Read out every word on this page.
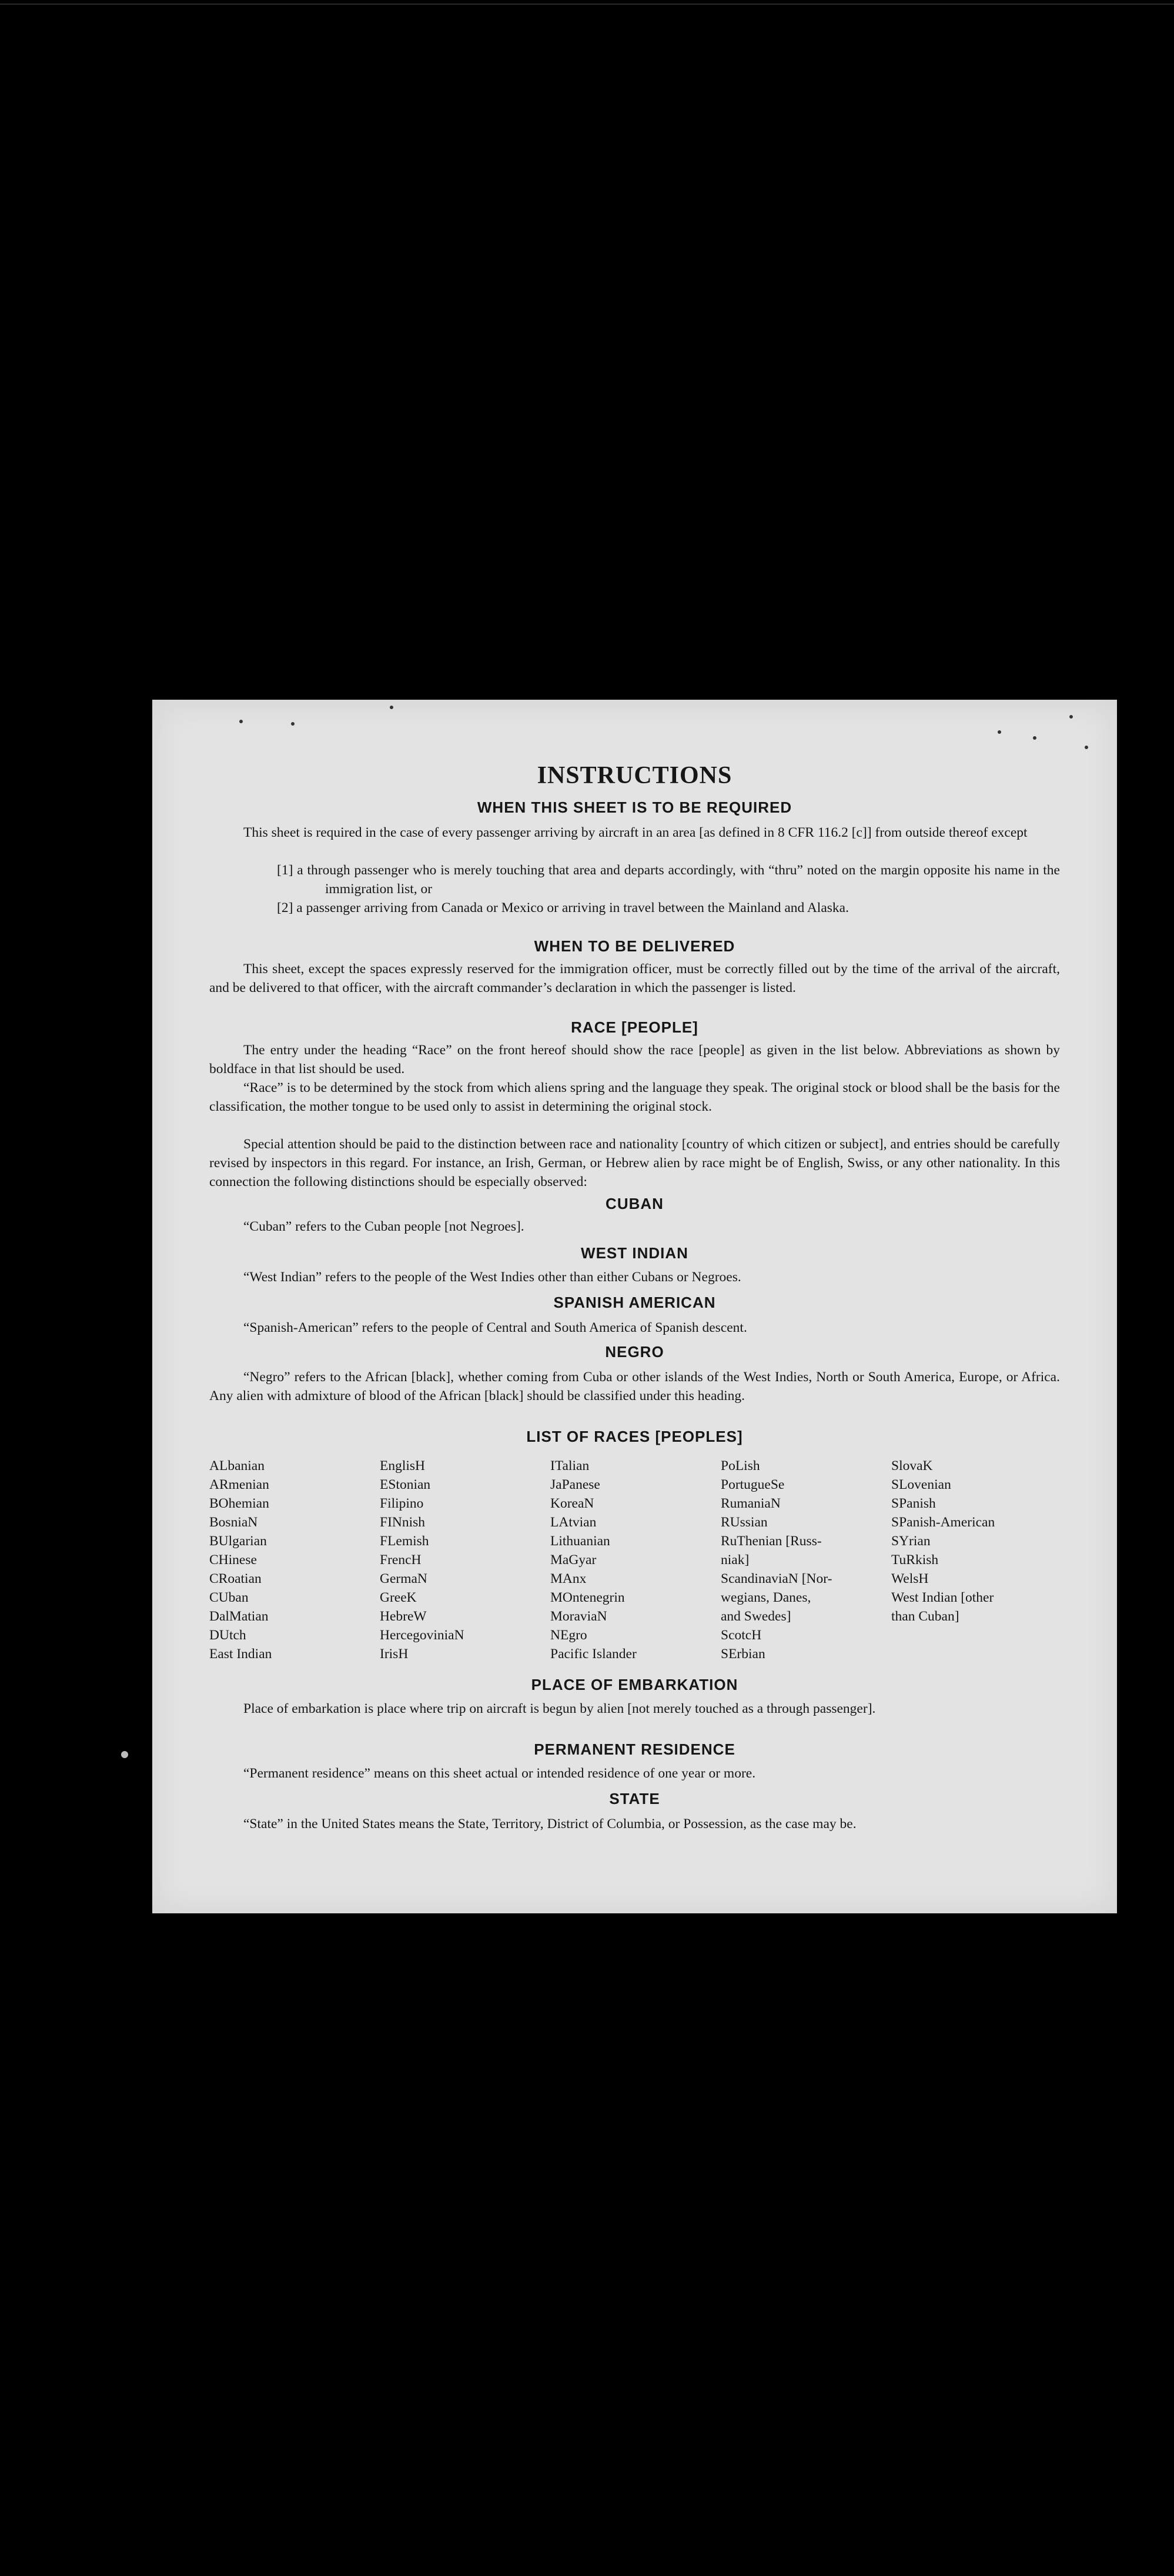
INSTRUCTIONS
WHEN THIS SHEET IS TO BE REQUIRED

This sheet is required in the case of every passenger arriving by aircraft in an area [as defined in 8 CFR 116.2 [c]] from outside thereof except

[1] a through passenger who is merely touching that area and departs accordingly, with “thru” noted on the margin opposite his name in the immigration list, or
[2] a passenger arriving from Canada or Mexico or arriving in travel between the Mainland and Alaska.
WHEN TO BE DELIVERED

This sheet, except the spaces expressly reserved for the immigration officer, must be correctly filled out by the time of the arrival of the aircraft, and be delivered to that officer, with the aircraft commander’s declaration in which the passenger is listed.

RACE [PEOPLE]

The entry under the heading “Race” on the front hereof should show the race [people] as given in the list below. Abbreviations as shown by boldface in that list should be used.

“Race” is to be determined by the stock from which aliens spring and the language they speak. The original stock or blood shall be the basis for the classification, the mother tongue to be used only to assist in determining the original stock.

Special attention should be paid to the distinction between race and nationality [country of which citizen or subject], and entries should be carefully revised by inspectors in this regard. For instance, an Irish, German, or Hebrew alien by race might be of English, Swiss, or any other nationality. In this connection the following distinctions should be especially observed:

CUBAN

“Cuban” refers to the Cuban people [not Negroes].

WEST INDIAN

“West Indian” refers to the people of the West Indies other than either Cubans or Negroes.

SPANISH AMERICAN

“Spanish-American” refers to the people of Central and South America of Spanish descent.

NEGRO

“Negro” refers to the African [black], whether coming from Cuba or other islands of the West Indies, North or South America, Europe, or Africa. Any alien with admixture of blood of the African [black] should be classified under this heading.

LIST OF RACES [PEOPLES]
ALbanian
ARmenian
BOhemian
BosniaN
BUlgarian
CHinese
CRoatian
CUban
DalMatian
DUtch
East Indian
EnglisH
EStonian
Filipino
FINnish
FLemish
FrencH
GermaN
GreeK
HebreW
HercegoviniaN
IrisH
ITalian
JaPanese
KoreaN
LAtvian
Lithuanian
MaGyar
MAnx
MOntenegrin
MoraviaN
NEgro
Pacific Islander
PoLish
PortugueSe
RumaniaN
RUssian
RuThenian [Russ-
niak]
ScandinaviaN [Nor-
wegians, Danes,
and Swedes]
ScotcH
SErbian
SlovaK
SLovenian
SPanish
SPanish-American
SYrian
TuRkish
WelsH
West Indian [other
than Cuban]
PLACE OF EMBARKATION

Place of embarkation is place where trip on aircraft is begun by alien [not merely touched as a through passenger].

PERMANENT RESIDENCE

“Permanent residence” means on this sheet actual or intended residence of one year or more.

STATE

“State” in the United States means the State, Territory, District of Columbia, or Possession, as the case may be.
